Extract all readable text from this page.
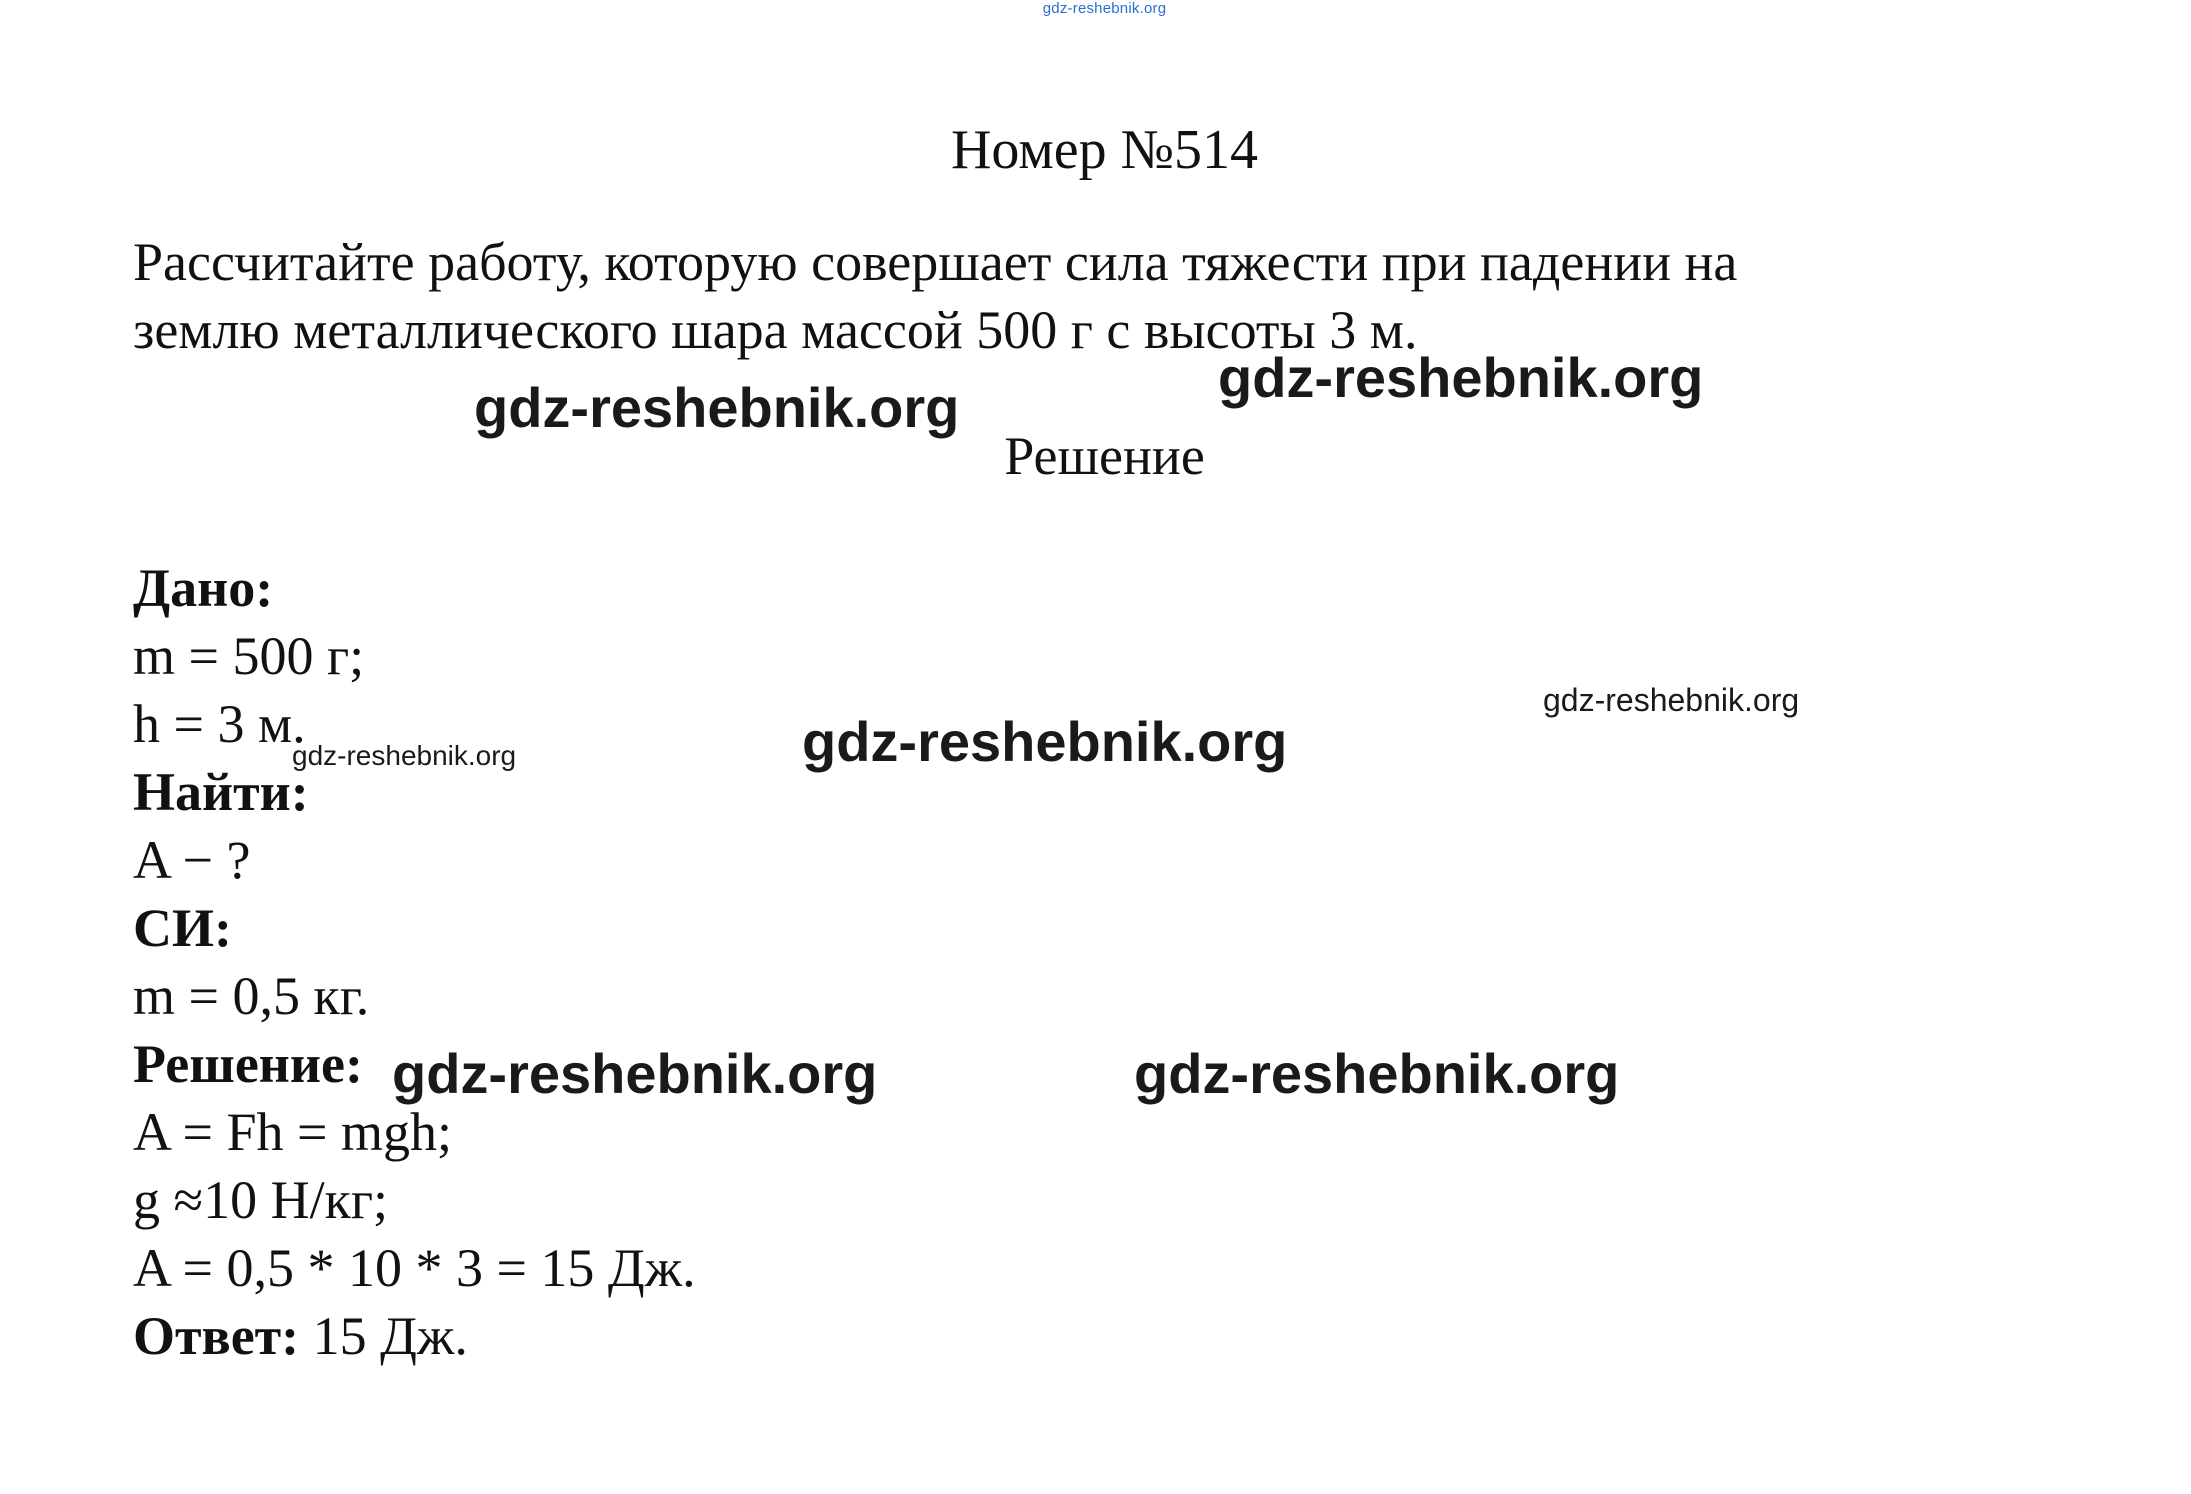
gdz-reshebnik.org
Номер №514
Рассчитайте работу, которую совершает сила тяжести при падении на
землю металлического шара массой 500 г с высоты 3 м.
Решение
Дано:
m = 500 г;
h = 3 м.
Найти:
A − ?
СИ:
m = 0,5 кг.
Решение:
A = Fh = mgh;
g ≈10 Н/кг;
A = 0,5 * 10 * 3 = 15 Дж.
Ответ: 15 Дж.
gdz-reshebnik.org
gdz-reshebnik.org
gdz-reshebnik.org
gdz-reshebnik.org
gdz-reshebnik.org
gdz-reshebnik.org	gdz-reshebnik.org
